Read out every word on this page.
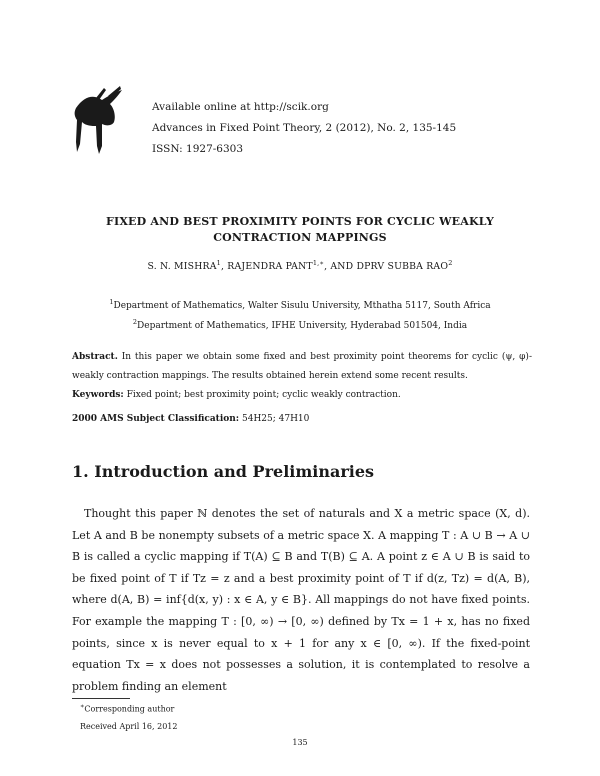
Available online at http://scik.org
Advances in Fixed Point Theory, 2 (2012), No. 2, 135-145
ISSN: 1927-6303
FIXED AND BEST PROXIMITY POINTS FOR CYCLIC WEAKLY
CONTRACTION MAPPINGS
S. N. MISHRA$^1$, RAJENDRA $PANT^{1,∗}$, AND DPRV SUBBA RAO$^2$
$^1$Department of Mathematics, Walter Sisulu University, Mthatha 5117, South Africa
$^2$Department of Mathematics, IFHE University, Hyderabad 501504, India
Abstract. In this paper we obtain some fixed and best proximity point theorems for cyclic (ψ, φ)-weakly contraction mappings. The results obtained herein extend some recent results.
Keywords: Fixed point; best proximity point; cyclic weakly contraction.
2000 AMS Subject Classification: 54H25; 47H10
1. Introduction and Preliminaries

Thought this paper ℕ denotes the set of naturals and X a metric space (X, d). Let A and B be nonempty subsets of a metric space X. A mapping T : A ∪ B → A ∪ B is called a cyclic mapping if T(A) ⊆ B and T(B) ⊆ A. A point z ∈ A ∪ B is said to be fixed point of T if Tz = z and a best proximity point of T if d(z, Tz) = d(A, B), where d(A, B) = inf{d(x, y) : x ∈ A, y ∈ B}. All mappings do not have fixed points. For example the mapping T : [0, ∞) → [0, ∞) defined by Tx = 1 + x, has no fixed points, since x is never equal to x + 1 for any x ∈ [0, ∞). If the fixed-point equation Tx = x does not possesses a solution, it is contemplated to resolve a problem finding an element

∗Corresponding author
Received April 16, 2012
135
